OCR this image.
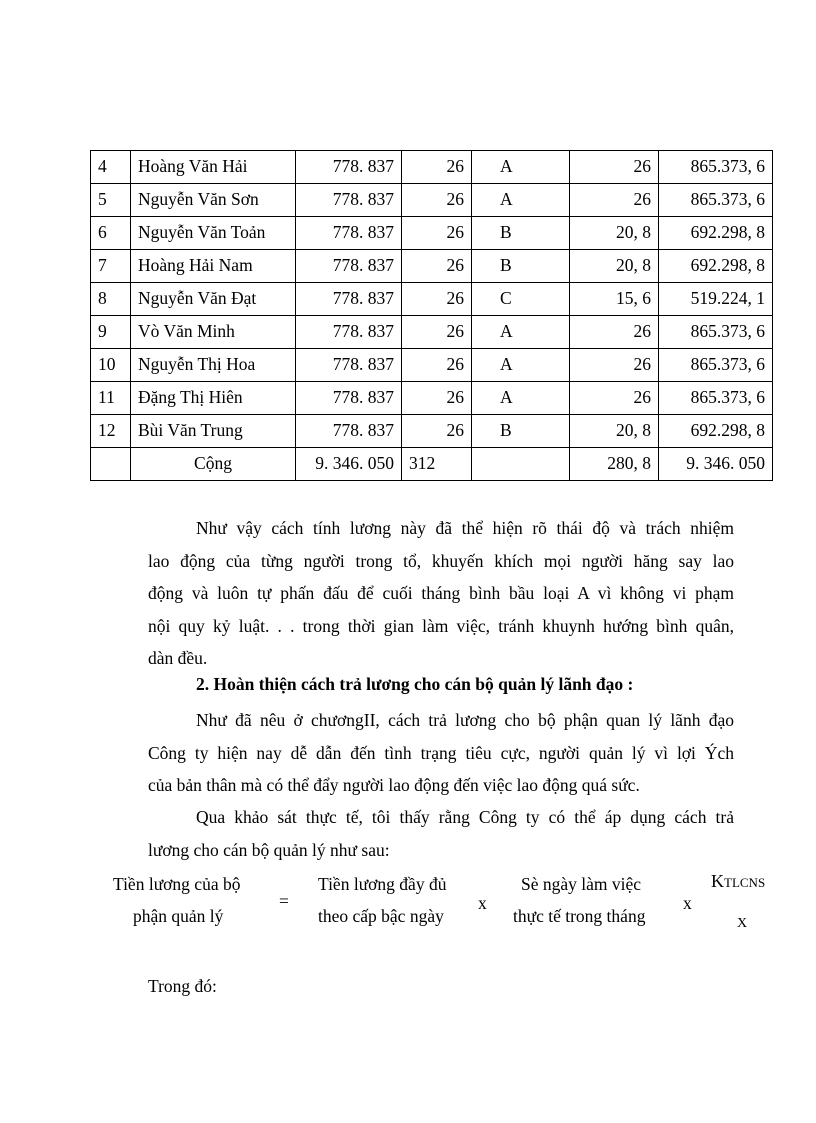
4	Hoàng Văn Hải	778. 837	26	A	26	865.373, 6
5	Nguyễn Văn Sơn	778. 837	26	A	26	865.373, 6
6	Nguyễn Văn Toản	778. 837	26	B	20, 8	692.298, 8
7	Hoàng Hải Nam	778. 837	26	B	20, 8	692.298, 8
8	Nguyễn Văn Đạt	778. 837	26	C	15, 6	519.224, 1
9	Vò Văn Minh	778. 837	26	A	26	865.373, 6
10	Nguyễn Thị Hoa	778. 837	26	A	26	865.373, 6
11	Đặng Thị Hiên	778. 837	26	A	26	865.373, 6
12	Bùi Văn Trung	778. 837	26	B	20, 8	692.298, 8
	Cộng	9. 346. 050	312		280, 8	9. 346. 050
Như vậy cách tính lương này đã thể hiện rõ thái độ và trách nhiệm
lao động của từng người trong tổ, khuyến khích mọi người hăng say lao
động và luôn tự phấn đấu để cuối tháng bình bầu loại A vì không vi phạm
nội quy kỷ luật. . . trong thời gian làm việc, tránh khuynh hướng bình quân,
dàn đều.
2. Hoàn thiện cách trả lương cho cán bộ quản lý lãnh đạo :
Như đã nêu ở chươngII, cách trả lương cho bộ phận quan lý lãnh đạo
Công ty hiện nay dễ dẫn đến tình trạng tiêu cực, người quản lý vì lợi Ých
của bản thân mà có thể đẩy người lao động đến việc lao động quá sức.
Qua khảo sát thực tế, tôi thấy rằng Công ty có thể áp dụng cách trả
lương cho cán bộ quản lý như sau:
Tiền lương của bộ
phận quản lý
=
Tiền lương đầy đủ
theo cấp bậc ngày
x
Sè ngày làm việc
thực tế trong tháng
x
KTLCNS
X
Trong đó:
